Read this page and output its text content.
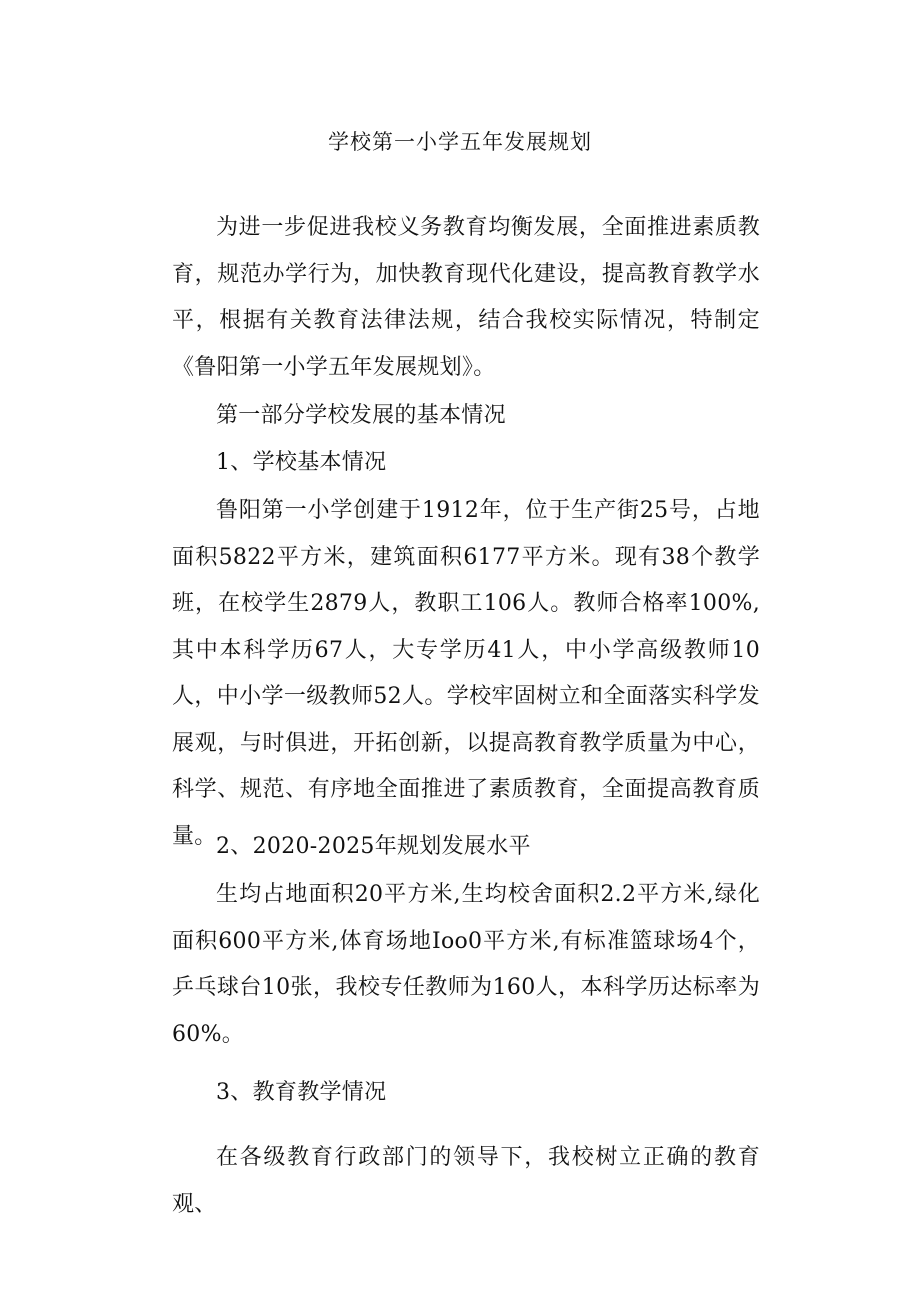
学校第一小学五年发展规划

为进一步促进我校义务教育均衡发展，全面推进素质教育，规范办学行为，加快教育现代化建设，提高教育教学水平，根据有关教育法律法规，结合我校实际情况，特制定《鲁阳第一小学五年发展规划》。

第一部分学校发展的基本情况

1、学校基本情况

鲁阳第一小学创建于1912年，位于生产街25号，占地面积5822平方米，建筑面积6177平方米。现有38个教学班，在校学生2879人，教职工106人。教师合格率100%,其中本科学历67人，大专学历41人，中小学高级教师10人，中小学一级教师52人。学校牢固树立和全面落实科学发展观，与时俱进，开拓创新，以提高教育教学质量为中心，科学、规范、有序地全面推进了素质教育，全面提高教育质量。 2、2020-2025年规划发展水平

生均占地面积20平方米,生均校舍面积2.2平方米,绿化面积600平方米,体育场地Ioo0平方米,有标准篮球场4个，乒乓球台10张，我校专任教师为160人，本科学历达标率为60%。

3、教育教学情况

在各级教育行政部门的领导下，我校树立正确的教育观、
